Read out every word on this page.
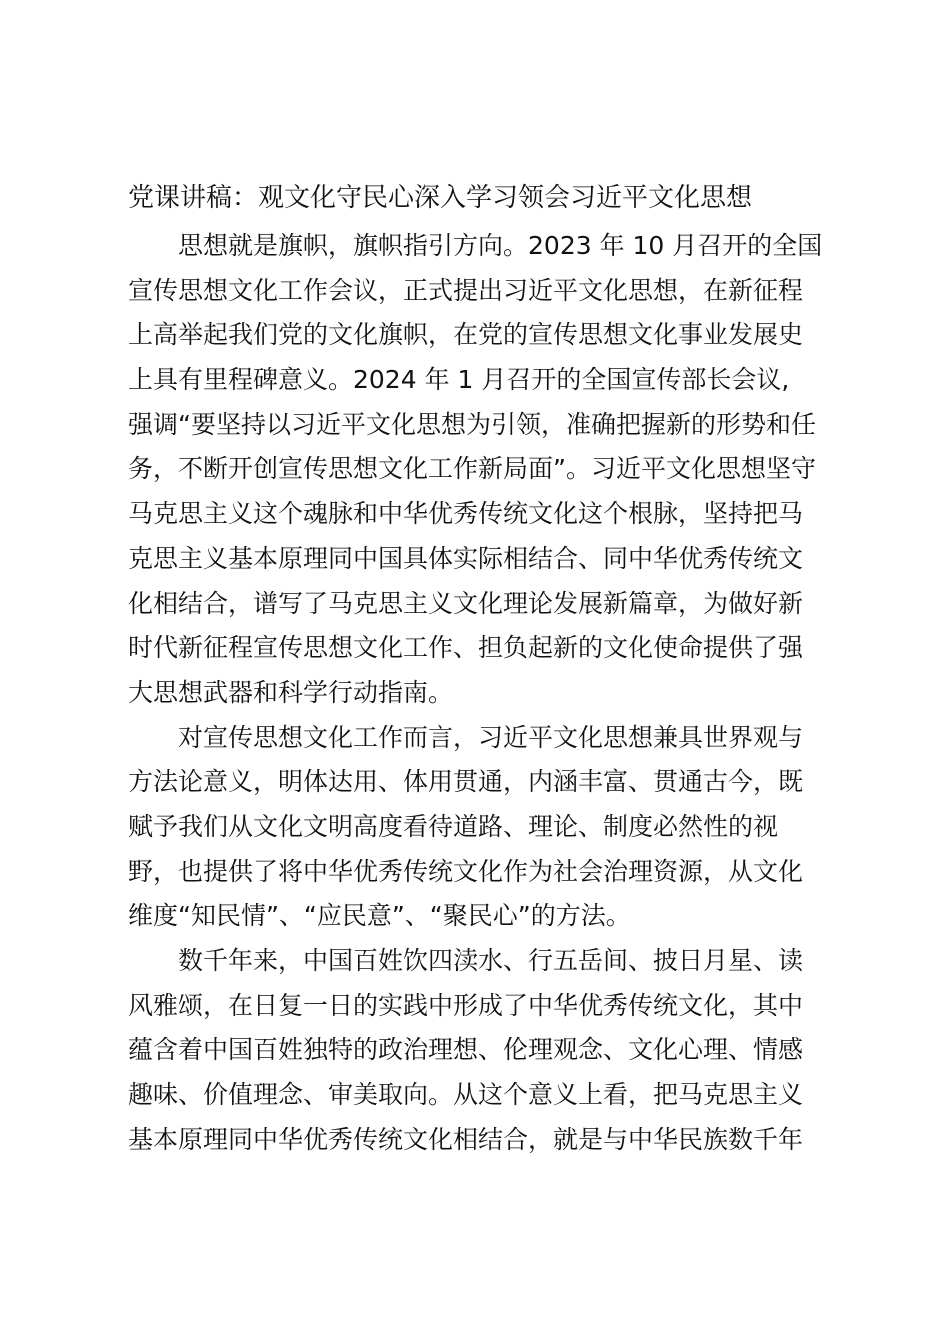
党课讲稿：观文化守民心深入学习领会习近平文化思想
思想就是旗帜，旗帜指引方向。2023 年 10 月召开的全国
宣传思想文化工作会议，正式提出习近平文化思想，在新征程
上高举起我们党的文化旗帜，在党的宣传思想文化事业发展史
上具有里程碑意义。2024 年 1 月召开的全国宣传部长会议,
强调“要坚持以习近平文化思想为引领，准确把握新的形势和任
务，不断开创宣传思想文化工作新局面”。习近平文化思想坚守
马克思主义这个魂脉和中华优秀传统文化这个根脉，坚持把马
克思主义基本原理同中国具体实际相结合、同中华优秀传统文
化相结合，谱写了马克思主义文化理论发展新篇章，为做好新
时代新征程宣传思想文化工作、担负起新的文化使命提供了强
大思想武器和科学行动指南。
对宣传思想文化工作而言，习近平文化思想兼具世界观与
方法论意义，明体达用、体用贯通，内涵丰富、贯通古今，既
赋予我们从文化文明高度看待道路、理论、制度必然性的视
野，也提供了将中华优秀传统文化作为社会治理资源，从文化
维度“知民情”、“应民意”、“聚民心”的方法。
数千年来，中国百姓饮四渎水、行五岳间、披日月星、读
风雅颂，在日复一日的实践中形成了中华优秀传统文化，其中
蕴含着中国百姓独特的政治理想、伦理观念、文化心理、情感
趣味、价值理念、审美取向。从这个意义上看，把马克思主义
基本原理同中华优秀传统文化相结合，就是与中华民族数千年
